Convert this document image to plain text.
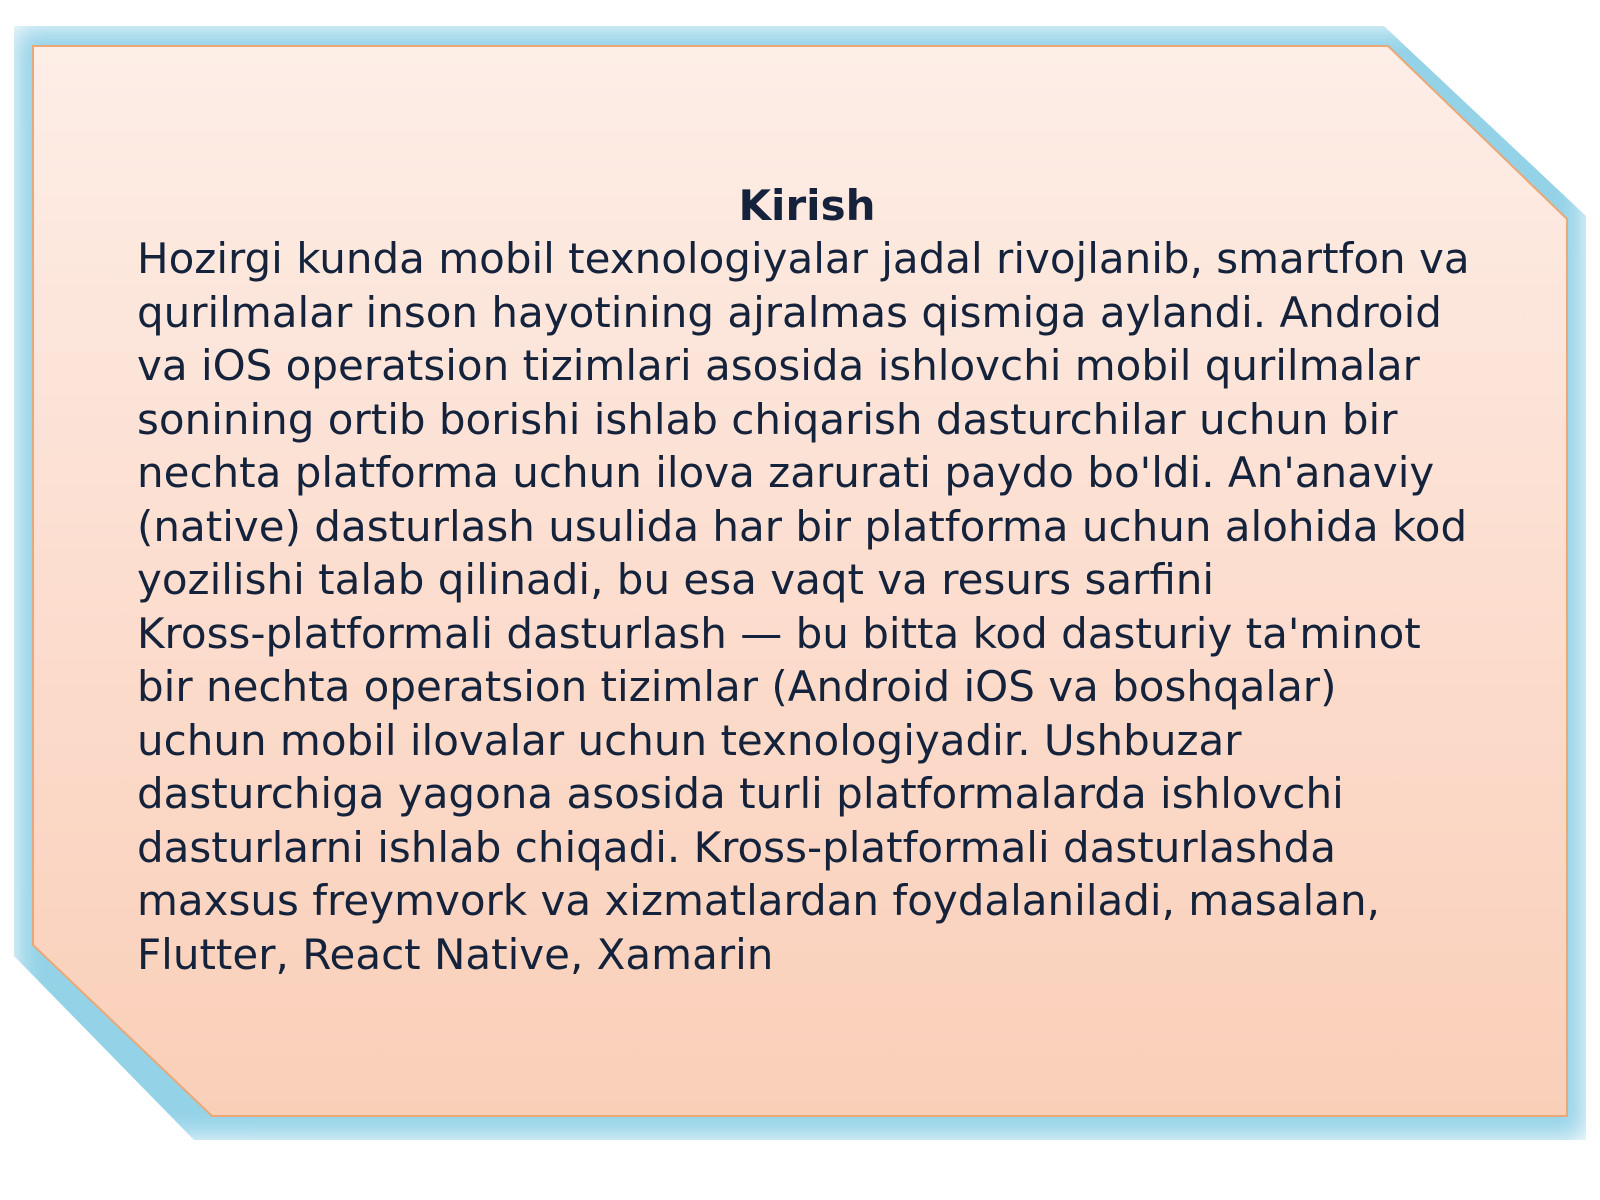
Kirish

Hozirgi kunda mobil texnologiyalar jadal rivojlanib, smartfon va
qurilmalar inson hayotining ajralmas qismiga aylandi. Android
va iOS operatsion tizimlari asosida ishlovchi mobil qurilmalar
sonining ortib borishi ishlab chiqarish dasturchilar uchun bir
nechta platforma uchun ilova zarurati paydo bo'ldi. An'anaviy
(native) dasturlash usulida har bir platforma uchun alohida kod
yozilishi talab qilinadi, bu esa vaqt va resurs sarfini
Kross-platformali dasturlash — bu bitta kod dasturiy ta'minot
bir nechta operatsion tizimlar (Android iOS va boshqalar)
uchun mobil ilovalar uchun texnologiyadir. Ushbuzar
dasturchiga yagona asosida turli platformalarda ishlovchi
dasturlarni ishlab chiqadi. Kross-platformali dasturlashda
maxsus freymvork va xizmatlardan foydalaniladi, masalan,
Flutter, React Native, Xamarin
